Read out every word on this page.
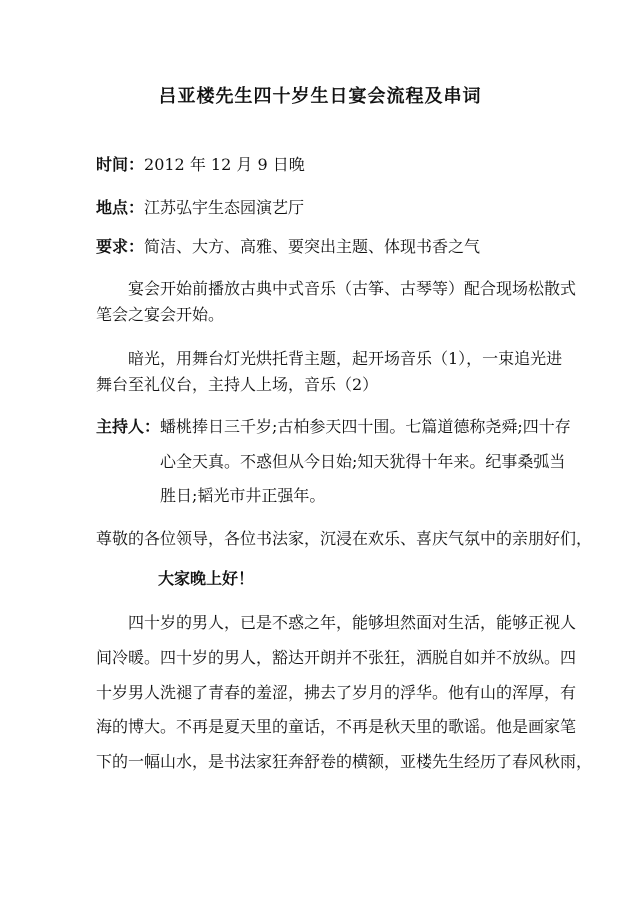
吕亚楼先生四十岁生日宴会流程及串词
时间：2012 年 12 月 9 日晚
地点：江苏弘宇生态园演艺厅
要求：简洁、大方、高雅、要突出主题、体现书香之气
宴会开始前播放古典中式音乐（古筝、古琴等）配合现场松散式
笔会之宴会开始。
暗光，用舞台灯光烘托背主题，起开场音乐（1），一束追光进
舞台至礼仪台，主持人上场，音乐（2）
主持人：蟠桃捧日三千岁;古柏参天四十围。七篇道德称尧舜;四十存
心全天真。不惑但从今日始;知天犹得十年来。纪事桑弧当
胜日;韬光市井正强年。
尊敬的各位领导，各位书法家，沉浸在欢乐、喜庆气氛中的亲朋好们，
大家晚上好！
四十岁的男人，已是不惑之年，能够坦然面对生活，能够正视人
间冷暖。四十岁的男人，豁达开朗并不张狂，洒脱自如并不放纵。四
十岁男人洗褪了青春的羞涩，拂去了岁月的浮华。他有山的浑厚，有
海的博大。不再是夏天里的童话，不再是秋天里的歌谣。他是画家笔
下的一幅山水，是书法家狂奔舒卷的横额，亚楼先生经历了春风秋雨，
